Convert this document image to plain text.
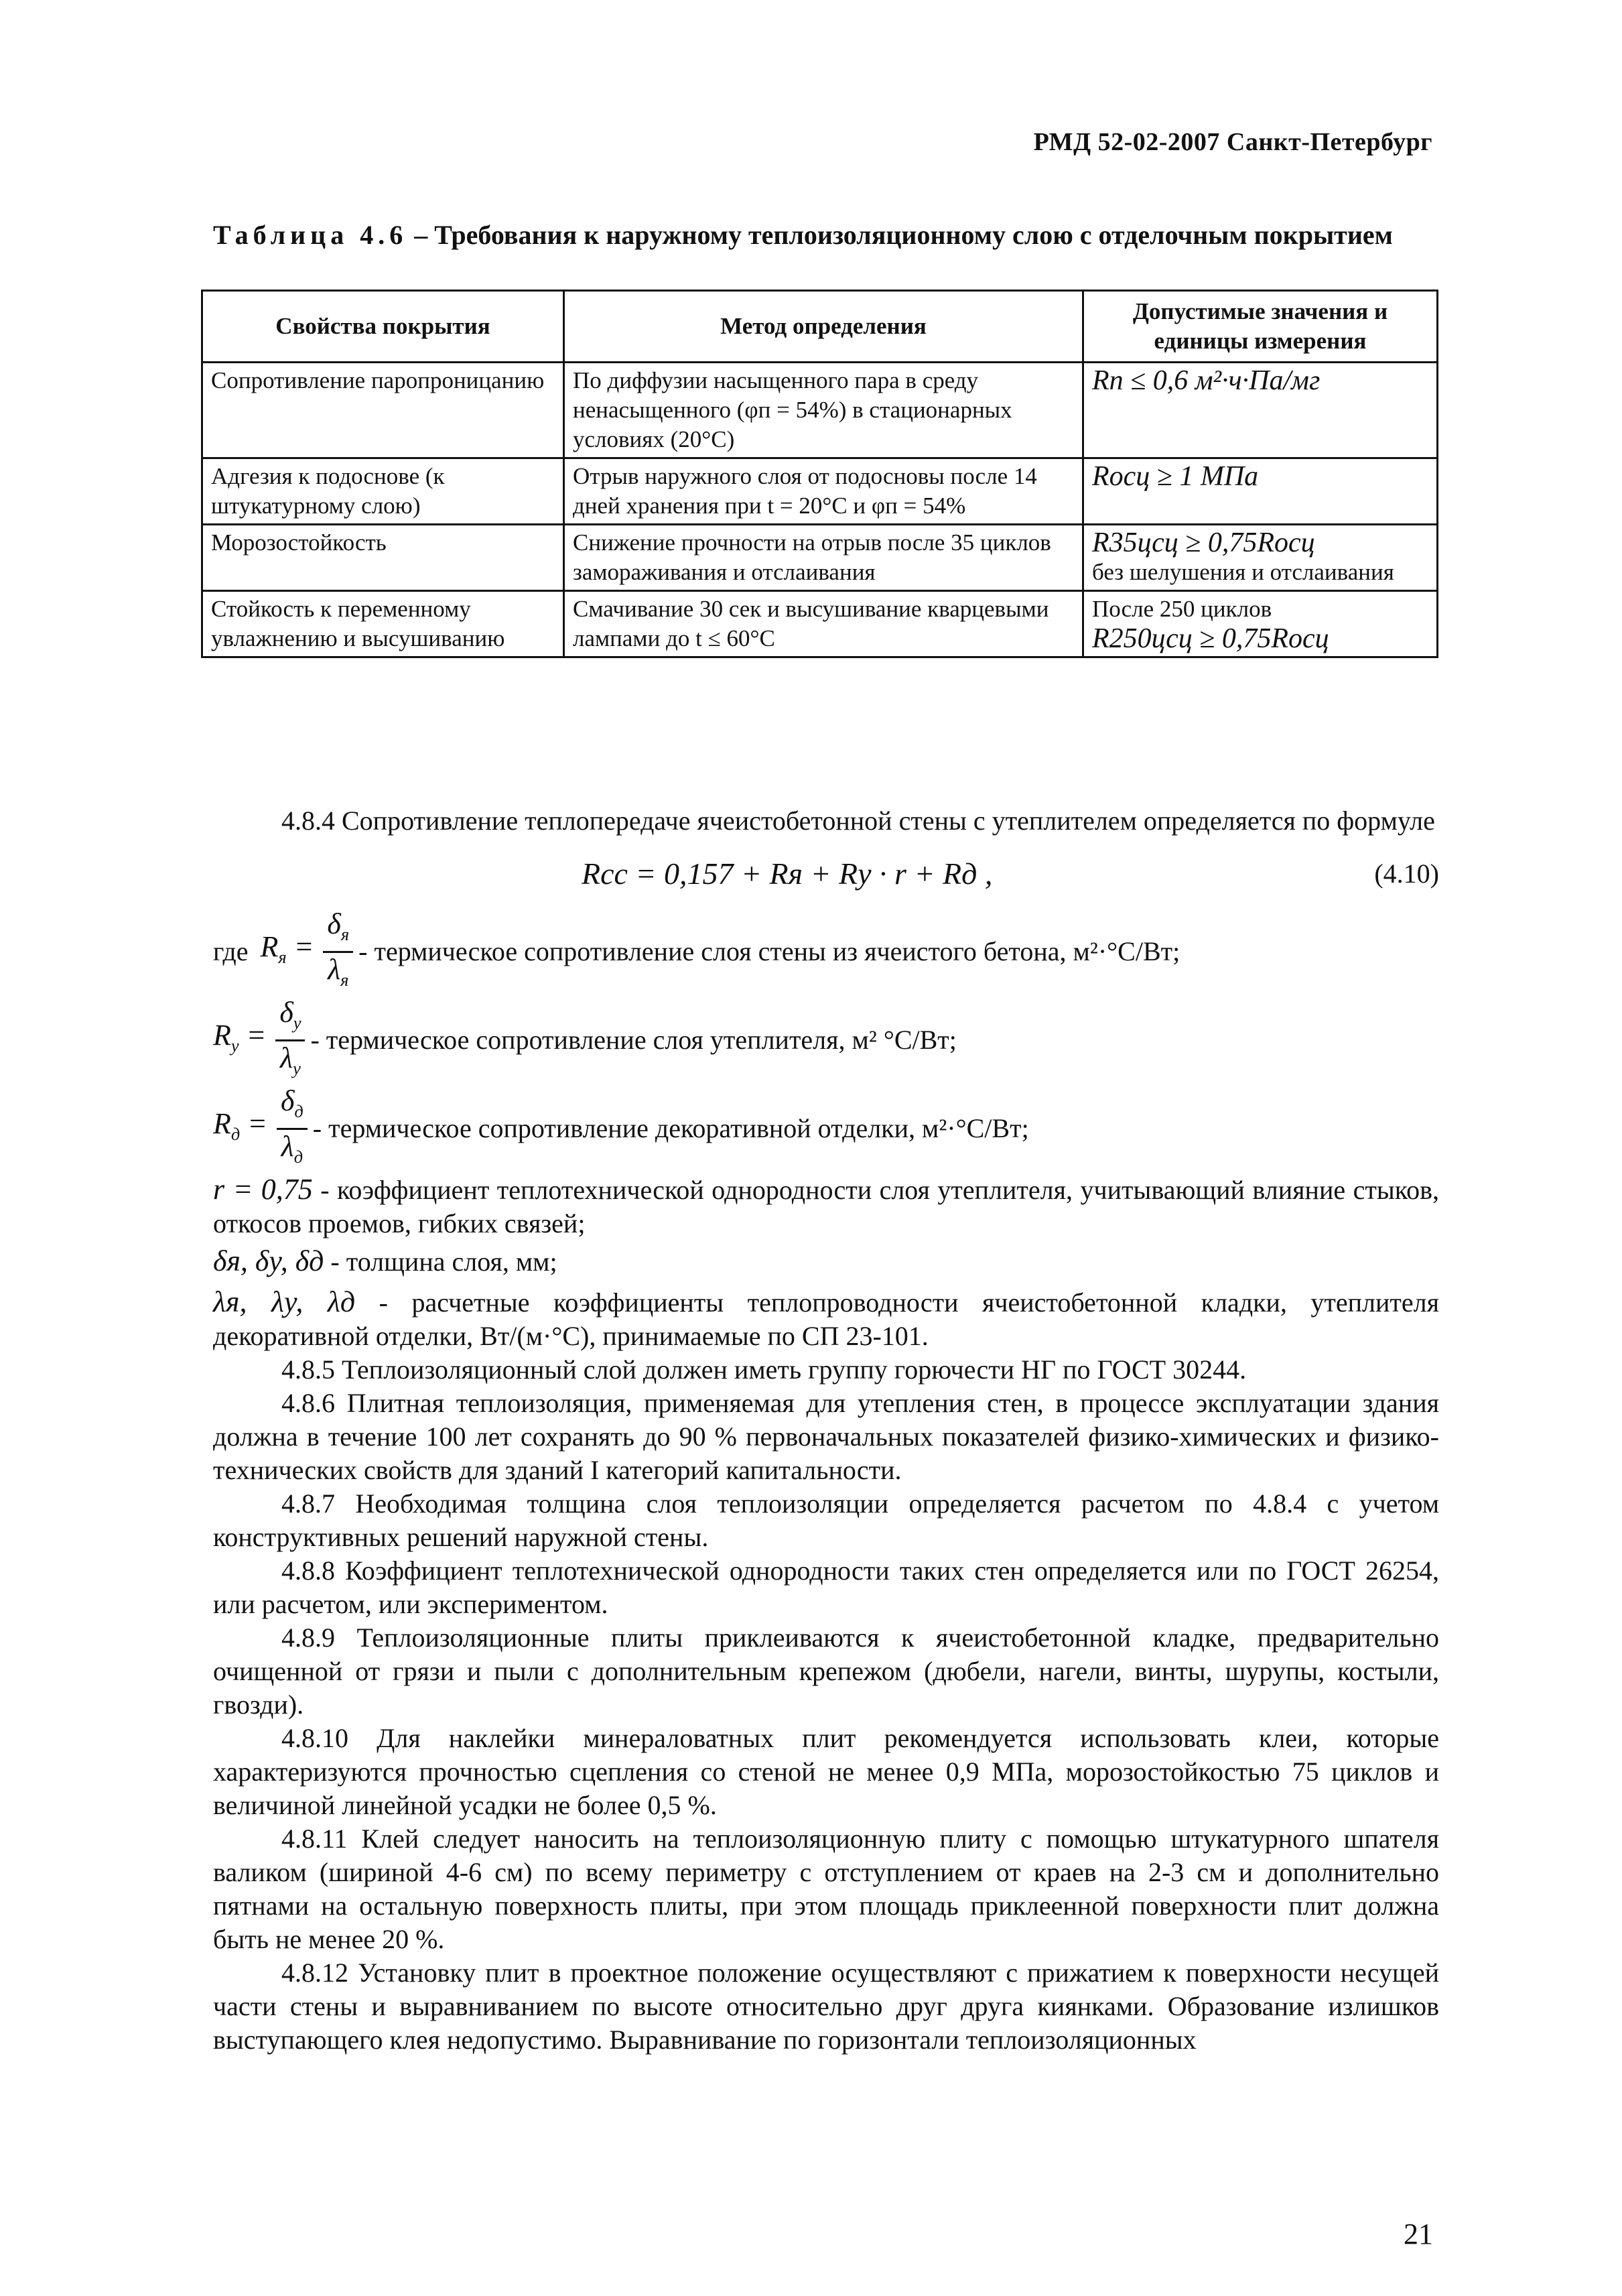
РМД 52-02-2007 Санкт-Петербург
Таблица 4.6 – Требования к наружному теплоизоляционному слою с отделочным покрытием
Свойства покрытия	Метод определения	Допустимые значения и единицы измерения
Сопротивление паропроницанию	По диффузии насыщенного пара в среду ненасыщенного (φп = 54%) в стационарных условиях (20°C)	Rп ≤ 0,6 м²·ч·Па/мг
Адгезия к подоснове (к штукатурному слою)	Отрыв наружного слоя от подосновы после 14 дней хранения при t = 20°C и φп = 54%	Rосц ≥ 1 МПа
Морозостойкость	Снижение прочности на отрыв после 35 циклов замораживания и отслаивания	R35цсц ≥ 0,75Rосц
без шелушения и отслаивания

Стойкость к переменному увлажнению и высушиванию	Смачивание 30 сек и высушивание кварцевыми лампами до t ≤ 60°C	После 250 циклов
R250цсц ≥ 0,75Rосц

4.8.4 Сопротивление теплопередаче ячеистобетонной стены с утеплителем определяется по формуле

Rсс = 0,157 + Rя + Rу · r + Rд ,	(4.10)
где $R_я = \frac{\delta_я}{\lambda_я}$ - термическое сопротивление слоя стены из ячеистого бетона, м²·°С/Вт;
$R_у = \frac{\delta_у}{\lambda_у}$ - термическое сопротивление слоя утеплителя, м² °С/Вт;
$R_д = \frac{\delta_д}{\lambda_д}$ - термическое сопротивление декоративной отделки, м²·°С/Вт;

r = 0,75 - коэффициент теплотехнической однородности слоя утеплителя, учитывающий влияние стыков, откосов проемов, гибких связей;

δя, δу, δд - толщина слоя, мм;

λя, λу, λд - расчетные коэффициенты теплопроводности ячеистобетонной кладки, утеплителя декоративной отделки, Вт/(м·°С), принимаемые по СП 23-101.

4.8.5 Теплоизоляционный слой должен иметь группу горючести НГ по ГОСТ 30244.

4.8.6 Плитная теплоизоляция, применяемая для утепления стен, в процессе эксплуатации здания должна в течение 100 лет сохранять до 90 % первоначальных показателей физико-химических и физико-технических свойств для зданий I категорий капитальности.

4.8.7 Необходимая толщина слоя теплоизоляции определяется расчетом по 4.8.4 с учетом конструктивных решений наружной стены.

4.8.8 Коэффициент теплотехнической однородности таких стен определяется или по ГОСТ 26254, или расчетом, или экспериментом.

4.8.9 Теплоизоляционные плиты приклеиваются к ячеистобетонной кладке, предварительно очищенной от грязи и пыли с дополнительным крепежом (дюбели, нагели, винты, шурупы, костыли, гвозди).

4.8.10 Для наклейки минераловатных плит рекомендуется использовать клеи, которые характеризуются прочностью сцепления со стеной не менее 0,9 МПа, морозостойкостью 75 циклов и величиной линейной усадки не более 0,5 %.

4.8.11 Клей следует наносить на теплоизоляционную плиту с помощью штукатурного шпателя валиком (шириной 4-6 см) по всему периметру с отступлением от краев на 2-3 см и дополнительно пятнами на остальную поверхность плиты, при этом площадь приклеенной поверхности плит должна быть не менее 20 %.

4.8.12 Установку плит в проектное положение осуществляют с прижатием к поверхности несущей части стены и выравниванием по высоте относительно друг друга киянками. Образование излишков выступающего клея недопустимо. Выравнивание по горизонтали теплоизоляционных

21
